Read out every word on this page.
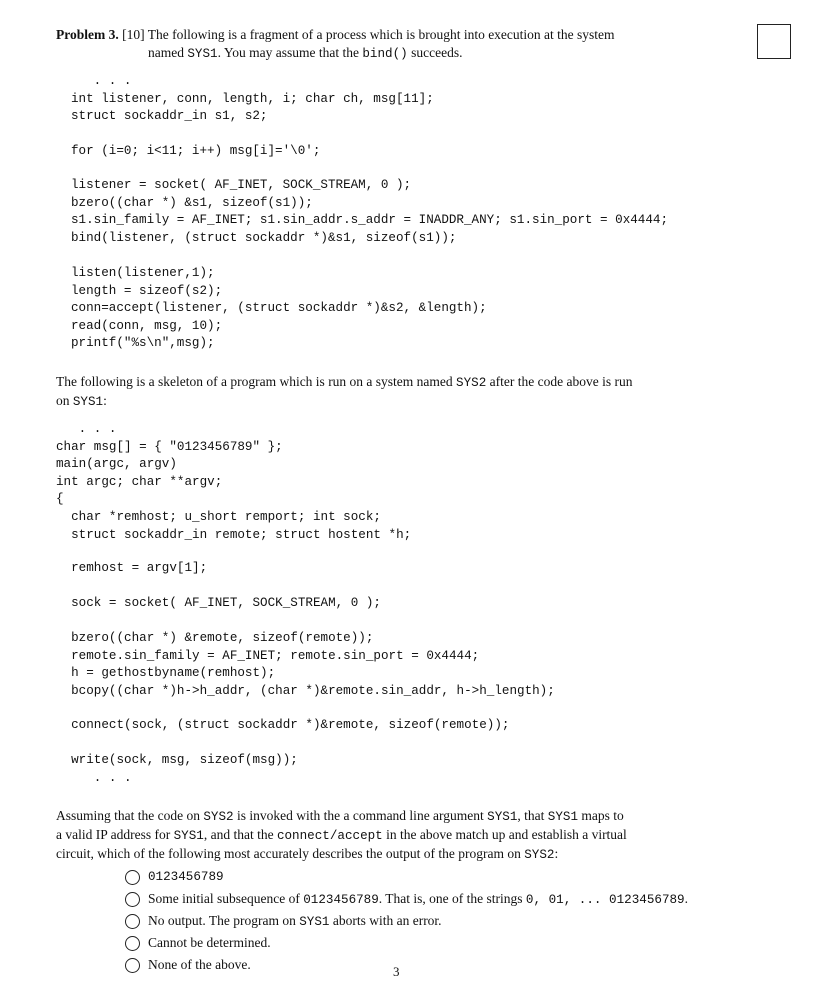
Problem 3. [10] The following is a fragment of a process which is brought into execution at the system
named SYS1. You may assume that the bind() succeeds.
. . .
int listener, conn, length, i; char ch, msg[11];
struct sockaddr_in s1, s2;
for (i=0; i<11; i++) msg[i]='\0';
listener = socket( AF_INET, SOCK_STREAM, 0 );
bzero((char *) &s1, sizeof(s1));
s1.sin_family = AF_INET; s1.sin_addr.s_addr = INADDR_ANY; s1.sin_port = 0x4444;
bind(listener, (struct sockaddr *)&s1, sizeof(s1));
listen(listener,1);
length = sizeof(s2);
conn=accept(listener, (struct sockaddr *)&s2, &length);
read(conn, msg, 10);
printf("%s\n",msg);
The following is a skeleton of a program which is run on a system named SYS2 after the code above is run
on SYS1:
. . .
char msg[] = { "0123456789" };
main(argc, argv)
int argc; char **argv;
{
char *remhost; u_short remport; int sock;
struct sockaddr_in remote; struct hostent *h;
remhost = argv[1];
sock = socket( AF_INET, SOCK_STREAM, 0 );
bzero((char *) &remote, sizeof(remote));
remote.sin_family = AF_INET; remote.sin_port = 0x4444;
h = gethostbyname(remhost);
bcopy((char *)h->h_addr, (char *)&remote.sin_addr, h->h_length);
connect(sock, (struct sockaddr *)&remote, sizeof(remote));
write(sock, msg, sizeof(msg));
. . .
Assuming that the code on SYS2 is invoked with the a command line argument SYS1, that SYS1 maps to
a valid IP address for SYS1, and that the connect/accept in the above match up and establish a virtual
circuit, which of the following most accurately describes the output of the program on SYS2:
0123456789
Some initial subsequence of 0123456789. That is, one of the strings 0, 01, ... 0123456789.
No output. The program on SYS1 aborts with an error.
Cannot be determined.
None of the above.	3
